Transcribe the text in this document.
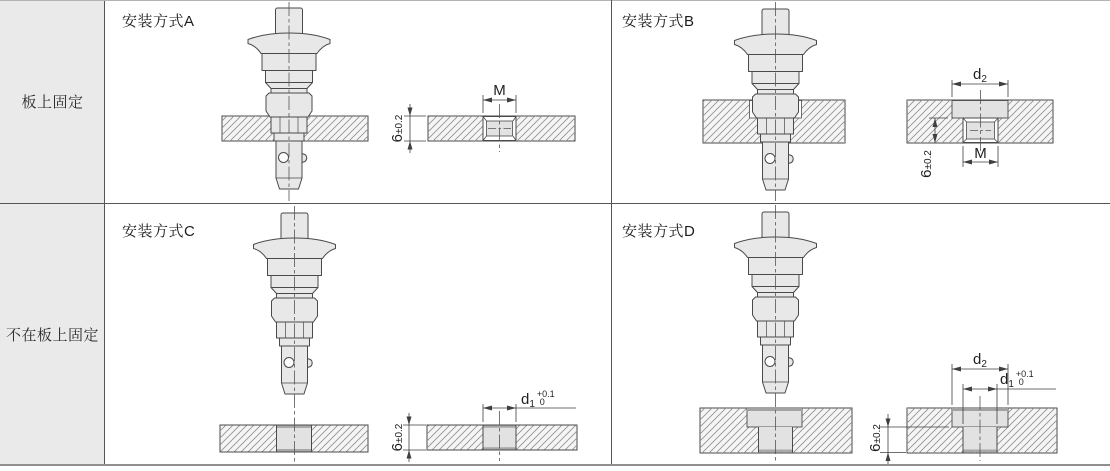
M
6±0.2
d2
M
6±0.2
$d1^{+0.1}$ 0
6±0.2
d2
$d1^{+0.1}$ 0
6±0.2
板上固定
不在板上固定
安装方式A	安装方式B
安装方式C	安装方式D
